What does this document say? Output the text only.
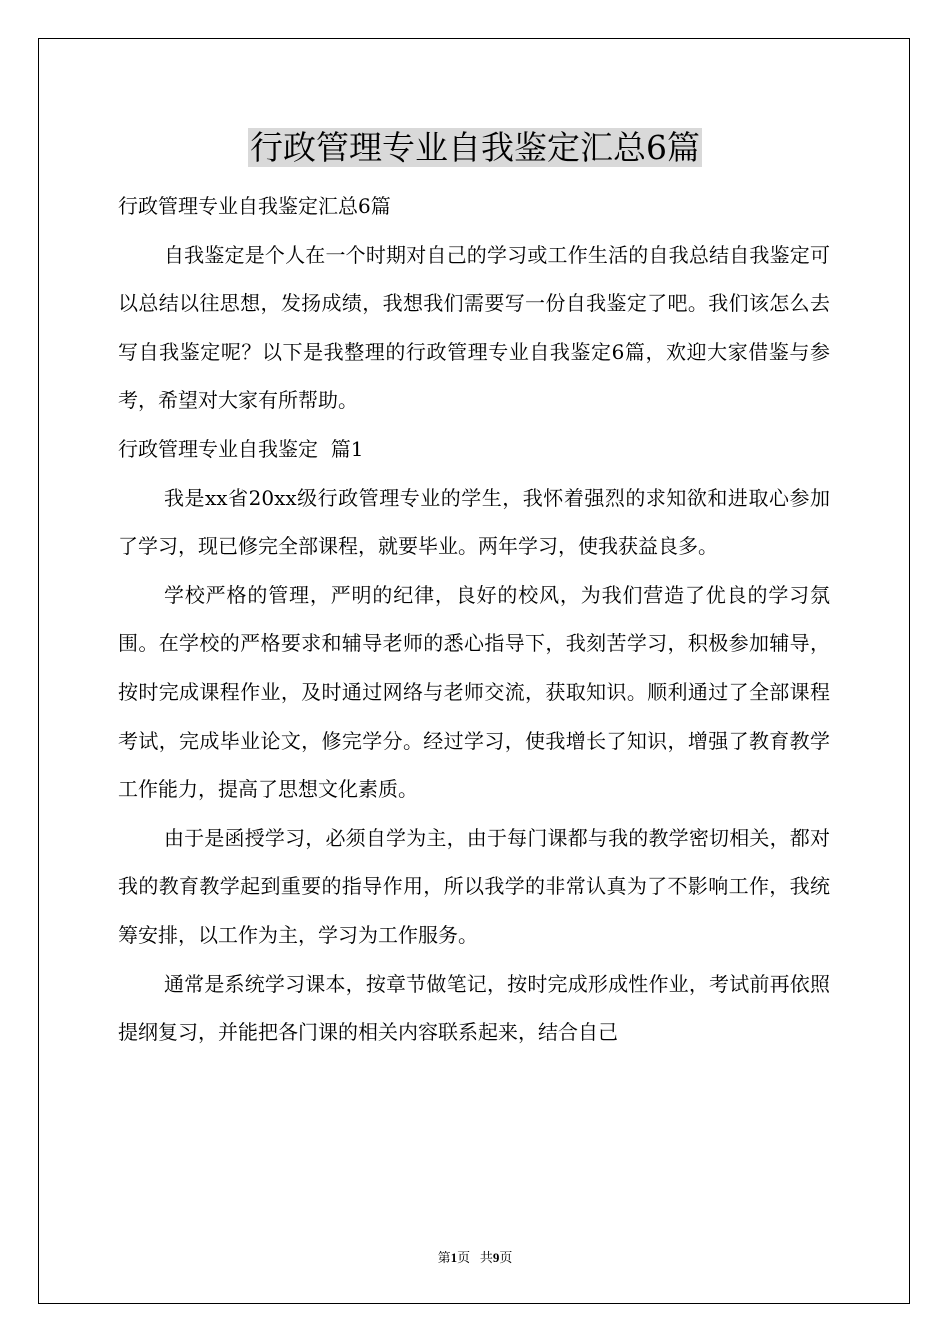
行政管理专业自我鉴定汇总6篇

行政管理专业自我鉴定汇总6篇

自我鉴定是个人在一个时期对自己的学习或工作生活的自我总结自我鉴定可以总结以往思想，发扬成绩，我想我们需要写一份自我鉴定了吧。我们该怎么去写自我鉴定呢？以下是我整理的行政管理专业自我鉴定6篇，欢迎大家借鉴与参考，希望对大家有所帮助。

行政管理专业自我鉴定  篇1

我是xx省20xx级行政管理专业的学生，我怀着强烈的求知欲和进取心参加了学习，现已修完全部课程，就要毕业。两年学习，使我获益良多。

学校严格的管理，严明的纪律，良好的校风，为我们营造了优良的学习氛围。在学校的严格要求和辅导老师的悉心指导下，我刻苦学习，积极参加辅导，按时完成课程作业，及时通过网络与老师交流，获取知识。顺利通过了全部课程考试，完成毕业论文，修完学分。经过学习，使我增长了知识，增强了教育教学工作能力，提高了思想文化素质。

由于是函授学习，必须自学为主，由于每门课都与我的教学密切相关，都对我的教育教学起到重要的指导作用，所以我学的非常认真为了不影响工作，我统筹安排，以工作为主，学习为工作服务。

通常是系统学习课本，按章节做笔记，按时完成形成性作业，考试前再依照提纲复习，并能把各门课的相关内容联系起来，结合自己

第1页 共9页
